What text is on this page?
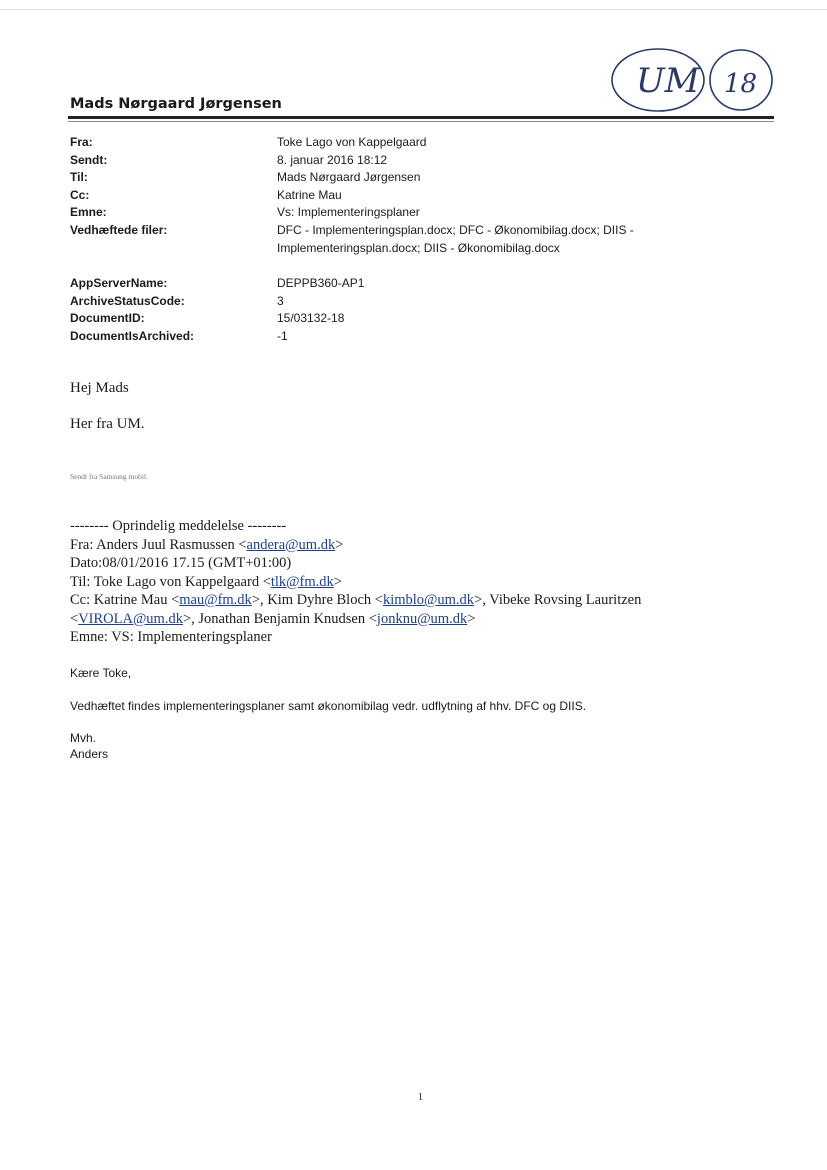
UM 18
Mads Nørgaard Jørgensen
Fra:	Toke Lago von Kappelgaard
Sendt:	8. januar 2016 18:12
Til:	Mads Nørgaard Jørgensen
Cc:	Katrine Mau
Emne:	Vs: Implementeringsplaner
Vedhæftede filer:	DFC - Implementeringsplan.docx; DFC - Økonomibilag.docx; DIIS -
Implementeringsplan.docx; DIIS - Økonomibilag.docx
AppServerName:	DEPPB360-AP1
ArchiveStatusCode:	3
DocumentID:	15/03132-18
DocumentIsArchived:	-1
Hej Mads
Her fra UM.
Sendt fra Samsung mobil.
-------- Oprindelig meddelelse --------
Fra: Anders Juul Rasmussen <andera@um.dk>
Dato:08/01/2016 17.15 (GMT+01:00)
Til: Toke Lago von Kappelgaard <tlk@fm.dk>
Cc: Katrine Mau <mau@fm.dk>, Kim Dyhre Bloch <kimblo@um.dk>, Vibeke Rovsing Lauritzen
<VIROLA@um.dk>, Jonathan Benjamin Knudsen <jonknu@um.dk>
Emne: VS: Implementeringsplaner
Kære Toke,
Vedhæftet findes implementeringsplaner samt økonomibilag vedr. udflytning af hhv. DFC og DIIS.
Mvh.
Anders
1
